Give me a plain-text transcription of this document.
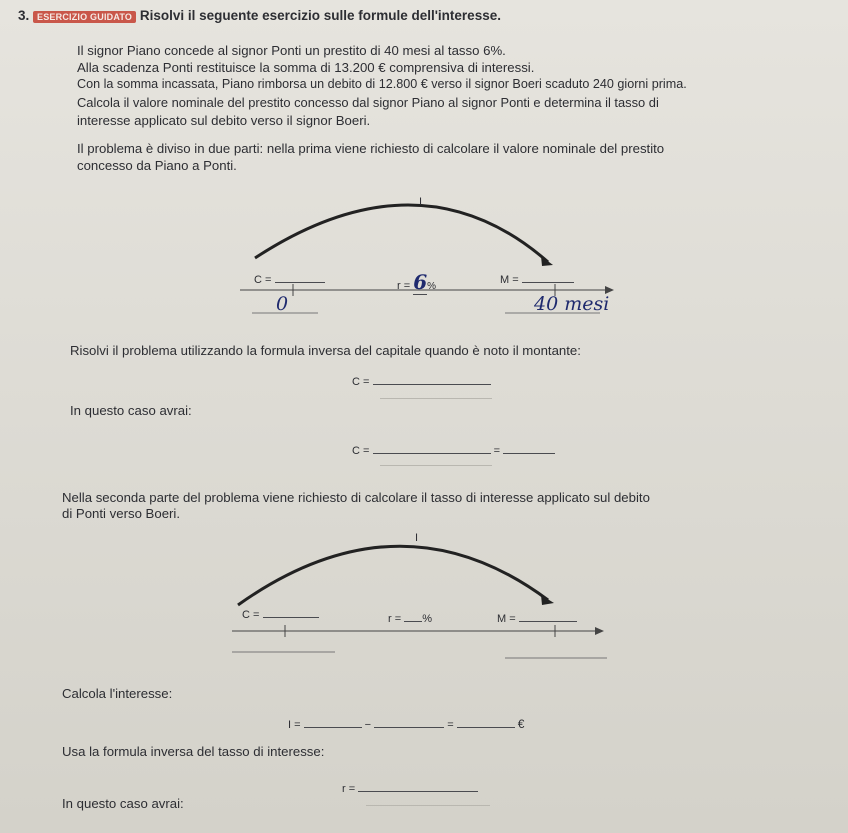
3. ESERCIZIO GUIDATO Risolvi il seguente esercizio sulle formule dell'interesse.
Il signor Piano concede al signor Ponti un prestito di 40 mesi al tasso 6%.
Alla scadenza Ponti restituisce la somma di 13.200 € comprensiva di interessi.
Con la somma incassata, Piano rimborsa un debito di 12.800 € verso il signor Boeri scaduto 240 giorni prima.
Calcola il valore nominale del prestito concesso dal signor Piano al signor Ponti e determina il tasso di
interesse applicato sul debito verso il signor Boeri.
Il problema è diviso in due parti: nella prima viene richiesto di calcolare il valore nominale del prestito
concesso da Piano a Ponti.
I
C =	r = 6%
M =
0	40 mesi
Risolvi il problema utilizzando la formula inversa del capitale quando è noto il montante:
C =
In questo caso avrai:
C =	=
Nella seconda parte del problema viene richiesto di calcolare il tasso di interesse applicato sul debito
di Ponti verso Boeri.
I
C =	r = %	M =
Calcola l'interesse:
I =	−	=	€
Usa la formula inversa del tasso di interesse:
r =
In questo caso avrai:
